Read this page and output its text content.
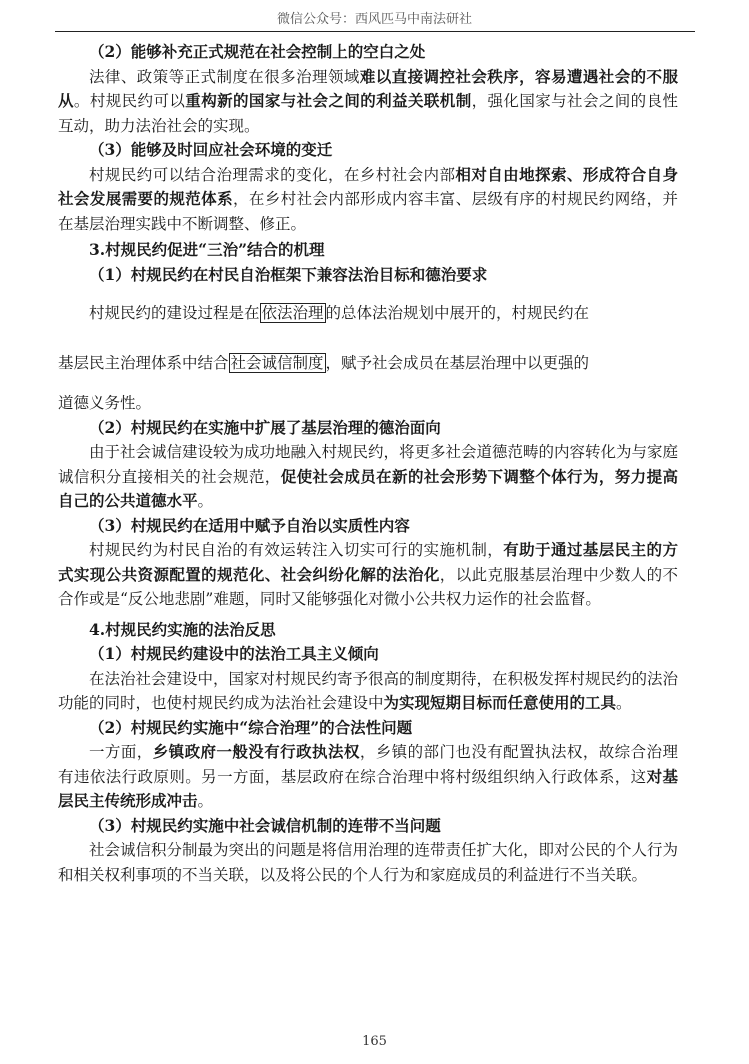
微信公众号：西风匹马中南法研社
（2）能够补充正式规范在社会控制上的空白之处

法律、政策等正式制度在很多治理领域难以直接调控社会秩序，容易遭遇社会的不服从。村规民约可以重构新的国家与社会之间的利益关联机制，强化国家与社会之间的良性互动，助力法治社会的实现。

（3）能够及时回应社会环境的变迁

村规民约可以结合治理需求的变化，在乡村社会内部相对自由地探索、形成符合自身社会发展需要的规范体系，在乡村社会内部形成内容丰富、层级有序的村规民约网络，并在基层治理实践中不断调整、修正。

3.村规民约促进“三治”结合的机理
（1）村规民约在村民自治框架下兼容法治目标和德治要求

村规民约的建设过程是在 依法治理 的总体法治规划中展开的，村规民约在

基层民主治理体系中结合 社会诚信制度 ，赋予社会成员在基层治理中以更强的

道德义务性。

（2）村规民约在实施中扩展了基层治理的德治面向

由于社会诚信建设较为成功地融入村规民约，将更多社会道德范畴的内容转化为与家庭诚信积分直接相关的社会规范，促使社会成员在新的社会形势下调整个体行为，努力提高自己的公共道德水平。

（3）村规民约在适用中赋予自治以实质性内容

村规民约为村民自治的有效运转注入切实可行的实施机制，有助于通过基层民主的方式实现公共资源配置的规范化、社会纠纷化解的法治化，以此克服基层治理中少数人的不合作或是“反公地悲剧”难题，同时又能够强化对微小公共权力运作的社会监督。

4.村规民约实施的法治反思
（1）村规民约建设中的法治工具主义倾向

在法治社会建设中，国家对村规民约寄予很高的制度期待，在积极发挥村规民约的法治功能的同时，也使村规民约成为法治社会建设中为实现短期目标而任意使用的工具。

（2）村规民约实施中“综合治理”的合法性问题

一方面，乡镇政府一般没有行政执法权，乡镇的部门也没有配置执法权，故综合治理有违依法行政原则。另一方面，基层政府在综合治理中将村级组织纳入行政体系，这对基层民主传统形成冲击。

（3）村规民约实施中社会诚信机制的连带不当问题

社会诚信积分制最为突出的问题是将信用治理的连带责任扩大化，即对公民的个人行为和相关权利事项的不当关联，以及将公民的个人行为和家庭成员的利益进行不当关联。

165
